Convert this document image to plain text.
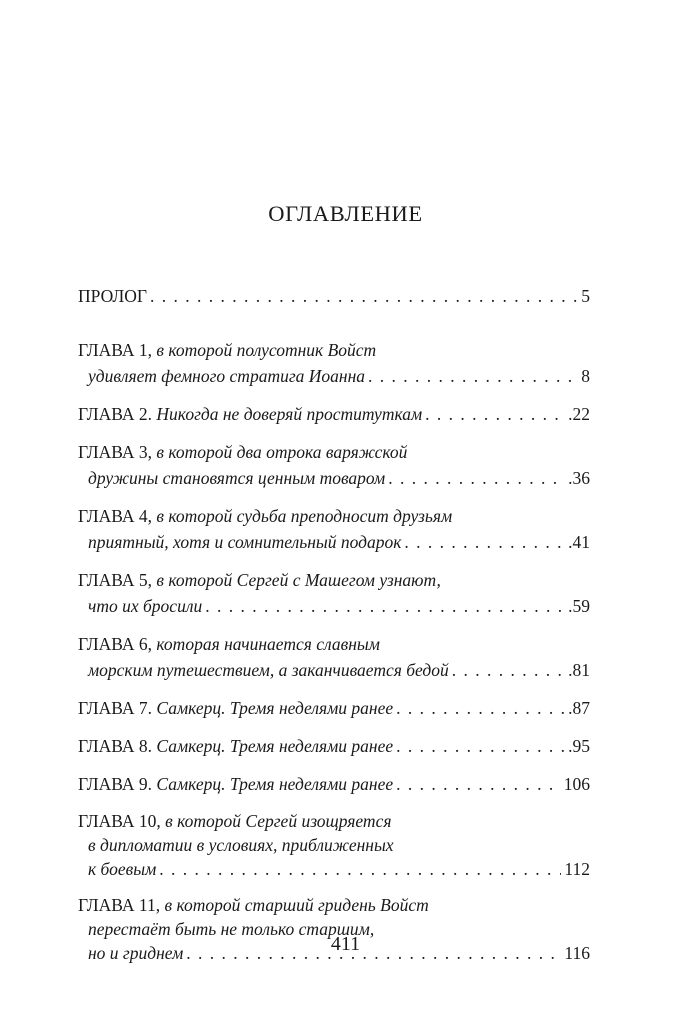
ОГЛАВЛЕНИЕ
ПРОЛОГ . . .	5
ГЛАВА 1 , в которой полусотник Войст
удивляет фемного стратига Иоанна . . .	8
ГЛАВА 2 . Никогда не доверяй проституткам . . .	.22
ГЛАВА 3 , в которой два отрока варяжской
дружины становятся ценным товаром . . .	.36
ГЛАВА 4 , в которой судьба преподносит друзьям
приятный, хотя и сомнительный подарок . . .	.41
ГЛАВА 5 , в которой Сергей с Машегом узнают,
что их бросили . . .	.59
ГЛАВА 6 , которая начинается славным
морским путешествием, а заканчивается бедой . . .	.81
ГЛАВА 7 . Самкерц. Тремя неделями ранее . . .	.87
ГЛАВА 8 . Самкерц. Тремя неделями ранее . . .	.95
ГЛАВА 9 . Самкерц. Тремя неделями ранее . . .	106
ГЛАВА 10 , в которой Сергей изощряется
в дипломатии в условиях, приближенных
к боевым . . .	112
ГЛАВА 11 , в которой старший гридень Войст
перестаёт быть не только старшим,
но и гриднем . . .	116
411
